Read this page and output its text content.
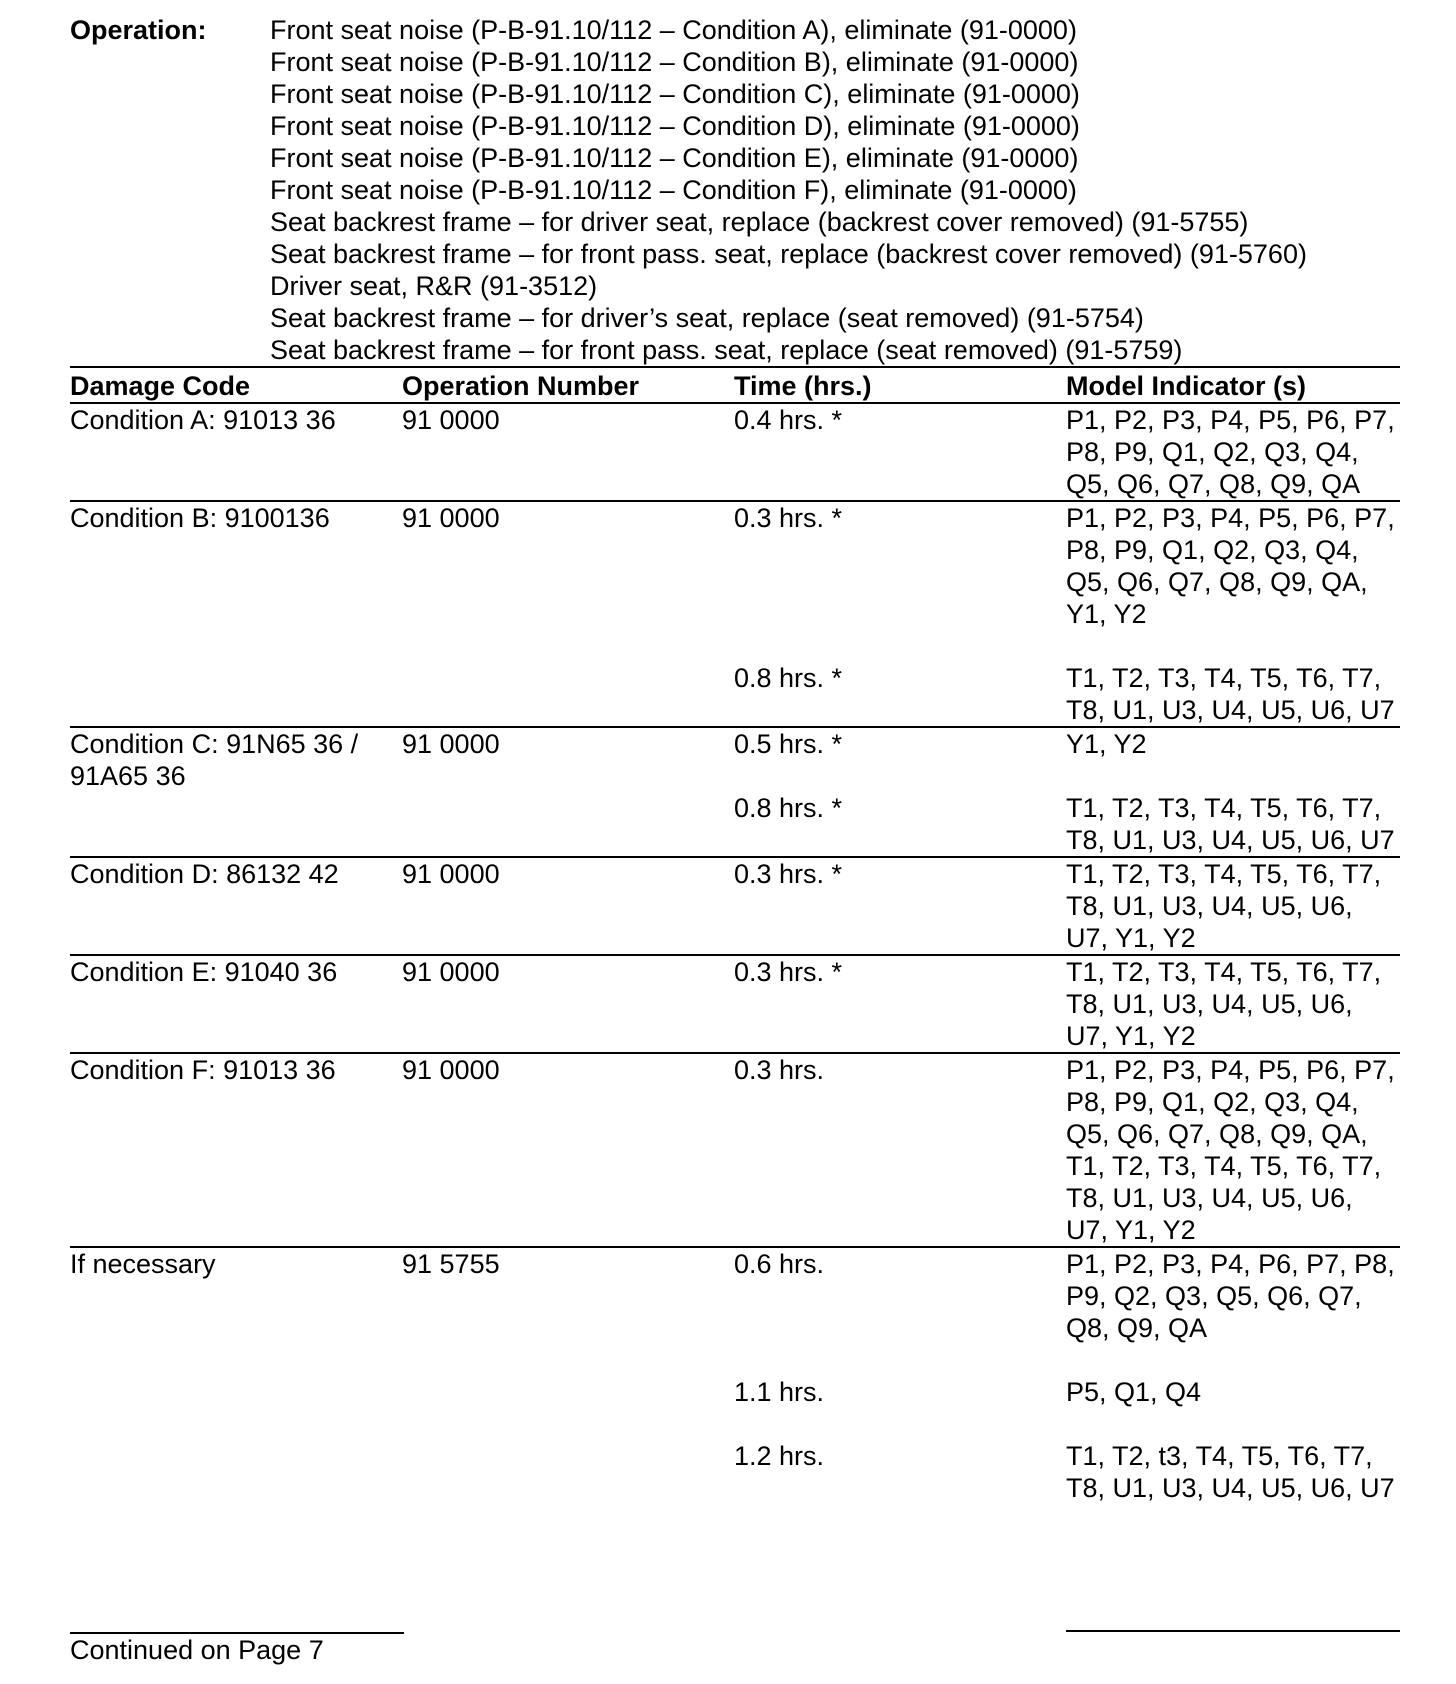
Operation:	Front seat noise (P-B-91.10/112 – Condition A), eliminate (91-0000)
Front seat noise (P-B-91.10/112 – Condition B), eliminate (91-0000)
Front seat noise (P-B-91.10/112 – Condition C), eliminate (91-0000)
Front seat noise (P-B-91.10/112 – Condition D), eliminate (91-0000)
Front seat noise (P-B-91.10/112 – Condition E), eliminate (91-0000)
Front seat noise (P-B-91.10/112 – Condition F), eliminate (91-0000)
Seat backrest frame – for driver seat, replace (backrest cover removed) (91-5755)
Seat backrest frame – for front pass. seat, replace (backrest cover removed) (91-5760)
Driver seat, R&R (91-3512)
Seat backrest frame – for driver’s seat, replace (seat removed) (91-5754)
Seat backrest frame – for front pass. seat, replace (seat removed) (91-5759)
Damage Code	Operation Number	Time (hrs.)	Model Indicator (s)
Condition A: 91013 36	91 0000	0.4 hrs. *	P1, P2, P3, P4, P5, P6, P7, P8, P9, Q1, Q2, Q3, Q4, Q5, Q6, Q7, Q8, Q9, QA
Condition B: 9100136	91 0000	0.3 hrs. *	P1, P2, P3, P4, P5, P6, P7, P8, P9, Q1, Q2, Q3, Q4, Q5, Q6, Q7, Q8, Q9, QA, Y1, Y2

		0.8 hrs. *	T1, T2, T3, T4, T5, T6, T7, T8, U1, U3, U4, U5, U6, U7
Condition C: 91N65 36 / 91A65 36	91 0000	0.5 hrs. *	Y1, Y2
		0.8 hrs. *	T1, T2, T3, T4, T5, T6, T7, T8, U1, U3, U4, U5, U6, U7
Condition D: 86132 42	91 0000	0.3 hrs. *	T1, T2, T3, T4, T5, T6, T7, T8, U1, U3, U4, U5, U6, U7, Y1, Y2
Condition E: 91040 36	91 0000	0.3 hrs. *	T1, T2, T3, T4, T5, T6, T7, T8, U1, U3, U4, U5, U6, U7, Y1, Y2
Condition F: 91013 36	91 0000	0.3 hrs.	P1, P2, P3, P4, P5, P6, P7, P8, P9, Q1, Q2, Q3, Q4, Q5, Q6, Q7, Q8, Q9, QA, T1, T2, T3, T4, T5, T6, T7, T8, U1, U3, U4, U5, U6, U7, Y1, Y2
If necessary	91 5755	0.6 hrs.	P1, P2, P3, P4, P6, P7, P8, P9, Q2, Q3, Q5, Q6, Q7, Q8, Q9, QA

		1.1 hrs.	P5, Q1, Q4

		1.2 hrs.	T1, T2, t3, T4, T5, T6, T7, T8, U1, U3, U4, U5, U6, U7
Continued on Page 7
